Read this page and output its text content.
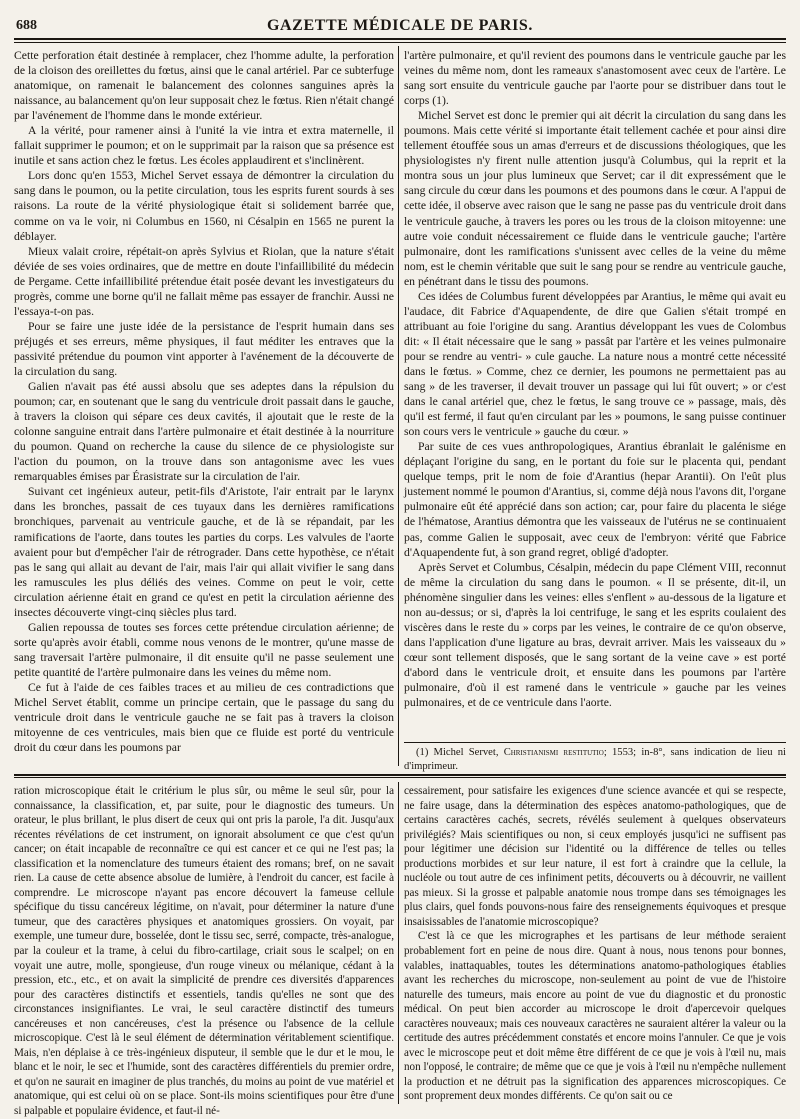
688	GAZETTE MÉDICALE DE PARIS.

Cette perforation était destinée à remplacer, chez l'homme adulte, la perforation de la cloison des oreillettes du fœtus, ainsi que le canal artériel. Par ce subterfuge anatomique, on ramenait le balancement des colonnes sanguines après la naissance, au balancement qu'on leur supposait chez le fœtus. Rien n'était changé par l'avénement de l'homme dans le monde extérieur.

A la vérité, pour ramener ainsi à l'unité la vie intra et extra maternelle, il fallait supprimer le poumon; et on le supprimait par la raison que sa présence est inutile et sans action chez le fœtus. Les écoles applaudirent et s'inclinèrent.

Lors donc qu'en 1553, Michel Servet essaya de démontrer la circulation du sang dans le poumon, ou la petite circulation, tous les esprits furent sourds à ses raisons. La route de la vérité physiologique était si solidement barrée que, comme on va le voir, ni Columbus en 1560, ni Césalpin en 1565 ne purent la déblayer.

Mieux valait croire, répétait-on après Sylvius et Riolan, que la nature s'était déviée de ses voies ordinaires, que de mettre en doute l'infaillibilité du médecin de Pergame. Cette infaillibilité prétendue était posée devant les investigateurs du progrès, comme une borne qu'il ne fallait même pas essayer de franchir. Aussi ne l'essaya-t-on pas.

Pour se faire une juste idée de la persistance de l'esprit humain dans ses préjugés et ses erreurs, même physiques, il faut méditer les entraves que la passivité prétendue du poumon vint apporter à l'avénement de la découverte de la circulation du sang.

Galien n'avait pas été aussi absolu que ses adeptes dans la répulsion du poumon; car, en soutenant que le sang du ventricule droit passait dans le gauche, à travers la cloison qui sépare ces deux cavités, il ajoutait que le reste de la colonne sanguine entrait dans l'artère pulmonaire et était destinée à la nourriture du poumon. Quand on recherche la cause du silence de ce physiologiste sur l'action du poumon, on la trouve dans son antagonisme avec les vues remarquables émises par Érasistrate sur la circulation de l'air.

Suivant cet ingénieux auteur, petit-fils d'Aristote, l'air entrait par le larynx dans les bronches, passait de ces tuyaux dans les dernières ramifications bronchiques, parvenait au ventricule gauche, et de là se répandait, par les ramifications de l'aorte, dans toutes les parties du corps. Les valvules de l'aorte avaient pour but d'empêcher l'air de rétrograder. Dans cette hypothèse, ce n'était pas le sang qui allait au devant de l'air, mais l'air qui allait vivifier le sang dans les ramuscules les plus déliés des veines. Comme on peut le voir, cette circulation aérienne était en grand ce qu'est en petit la circulation aérienne des insectes découverte vingt-cinq siècles plus tard.

Galien repoussa de toutes ses forces cette prétendue circulation aérienne; de sorte qu'après avoir établi, comme nous venons de le montrer, qu'une masse de sang traversait l'artère pulmonaire, il dit ensuite qu'il ne passe seulement une petite quantité de l'artère pulmonaire dans les veines du même nom.

Ce fut à l'aide de ces faibles traces et au milieu de ces contradictions que Michel Servet établit, comme un principe certain, que le passage du sang du ventricule droit dans le ventricule gauche ne se fait pas à travers la cloison mitoyenne de ces ventricules, mais bien que ce fluide est porté du ventricule droit du cœur dans les poumons par

l'artère pulmonaire, et qu'il revient des poumons dans le ventricule gauche par les veines du même nom, dont les rameaux s'anastomosent avec ceux de l'artère. Le sang sort ensuite du ventricule gauche par l'aorte pour se distribuer dans tout le corps (1).

Michel Servet est donc le premier qui ait décrit la circulation du sang dans les poumons. Mais cette vérité si importante était tellement cachée et pour ainsi dire tellement étouffée sous un amas d'erreurs et de discussions théologiques, que les physiologistes n'y firent nulle attention jusqu'à Columbus, qui la reprit et la montra sous un jour plus lumineux que Servet; car il dit expressément que le sang circule du cœur dans les poumons et des poumons dans le cœur. A l'appui de cette idée, il observe avec raison que le sang ne passe pas du ventricule droit dans le ventricule gauche, à travers les pores ou les trous de la cloison mitoyenne: une autre voie conduit nécessairement ce fluide dans le ventricule gauche; l'artère pulmonaire, dont les ramifications s'unissent avec celles de la veine du même nom, est le chemin véritable que suit le sang pour se rendre au ventricule gauche, en pénétrant dans le tissu des poumons.

Ces idées de Columbus furent développées par Arantius, le même qui avait eu l'audace, dit Fabrice d'Aquapendente, de dire que Galien s'était trompé en attribuant au foie l'origine du sang. Arantius développant les vues de Colombus dit: « Il était nécessaire que le sang » passât par l'artère et les veines pulmonaire pour se rendre au ventri- » cule gauche. La nature nous a montré cette nécessité dans le fœtus. » Comme, chez ce dernier, les poumons ne permettaient pas au sang » de les traverser, il devait trouver un passage qui lui fût ouvert; » or c'est dans le canal artériel que, chez le fœtus, le sang trouve ce » passage, mais, dès qu'il est fermé, il faut qu'en circulant par les » poumons, le sang puisse continuer son cours vers le ventricule » gauche du cœur. »

Par suite de ces vues anthropologiques, Arantius ébranlait le galénisme en déplaçant l'origine du sang, en le portant du foie sur le placenta qui, pendant quelque temps, prit le nom de foie d'Arantius (hepar Arantii). On l'eût plus justement nommé le poumon d'Arantius, si, comme déjà nous l'avons dit, l'organe pulmonaire eût été apprécié dans son action; car, pour faire du placenta le siége de l'hématose, Arantius démontra que les vaisseaux de l'utérus ne se continuaient pas, comme Galien le supposait, avec ceux de l'embryon: vérité que Fabrice d'Aquapendente fut, à son grand regret, obligé d'adopter.

Après Servet et Columbus, Césalpin, médecin du pape Clément VIII, reconnut de même la circulation du sang dans le poumon. « Il se présente, dit-il, un phénomène singulier dans les veines: elles s'enflent » au-dessous de la ligature et non au-dessus; or si, d'après la loi centrifuge, le sang et les esprits coulaient des viscères dans le reste du » corps par les veines, le contraire de ce qu'on observe, dans l'application d'une ligature au bras, devrait arriver. Mais les vaisseaux du » cœur sont tellement disposés, que le sang sortant de la veine cave » est porté d'abord dans le ventricule droit, et ensuite dans les poumons par l'artère pulmonaire, d'où il est ramené dans le ventricule » gauche par les veines pulmonaires, et de ce ventricule dans l'aorte.

(1) Michel Servet, Christianismi restitutio; 1553; in-8°, sans indication de lieu ni d'imprimeur.

ration microscopique était le critérium le plus sûr, ou même le seul sûr, pour la connaissance, la classification, et, par suite, pour le diagnostic des tumeurs. Un orateur, le plus brillant, le plus disert de ceux qui ont pris la parole, l'a dit. Jusqu'aux récentes révélations de cet instrument, on ignorait absolument ce que c'est qu'un cancer; on était incapable de reconnaître ce qui est cancer et ce qui ne l'est pas; la classification et la nomenclature des tumeurs étaient des romans; bref, on ne savait rien. La cause de cette absence absolue de lumière, à l'endroit du cancer, est facile à comprendre. Le microscope n'ayant pas encore découvert la fameuse cellule spécifique du tissu cancéreux légitime, on n'avait, pour déterminer la nature d'une tumeur, que des caractères physiques et anatomiques grossiers. On voyait, par exemple, une tumeur dure, bosselée, dont le tissu sec, serré, compacte, très-analogue, par la couleur et la trame, à celui du fibro-cartilage, criait sous le scalpel; on en voyait une autre, molle, spongieuse, d'un rouge vineux ou mélanique, cédant à la pression, etc., etc., et on avait la simplicité de prendre ces diversités d'apparences pour des caractères distinctifs et essentiels, tandis qu'elles ne sont que des circonstances insignifiantes. Le vrai, le seul caractère distinctif des tumeurs cancéreuses et non cancéreuses, c'est la présence ou l'absence de la cellule microscopique. C'est là le seul élément de détermination véritablement scientifique. Mais, n'en déplaise à ce très-ingénieux disputeur, il semble que le dur et le mou, le blanc et le noir, le sec et l'humide, sont des caractères différentiels du premier ordre, et qu'on ne saurait en imaginer de plus tranchés, du moins au point de vue matériel et anatomique, qui est celui où on se place. Sont-ils moins scientifiques pour être d'une si palpable et populaire évidence, et faut-il né-

cessairement, pour satisfaire les exigences d'une science avancée et qui se respecte, ne faire usage, dans la détermination des espèces anatomo-pathologiques, que de certains caractères cachés, secrets, révélés seulement à quelques observateurs privilégiés? Mais scientifiques ou non, si ceux employés jusqu'ici ne suffisent pas pour légitimer une décision sur l'identité ou la différence de telles ou telles productions morbides et sur leur nature, il est fort à craindre que la cellule, la nucléole ou tout autre de ces infiniment petits, découverts ou à découvrir, ne vaillent pas mieux. Si la grosse et palpable anatomie nous trompe dans ses témoignages les plus clairs, quel fonds pouvons-nous faire des renseignements équivoques et presque insaisissables de l'anatomie microscopique?

C'est là ce que les micrographes et les partisans de leur méthode seraient probablement fort en peine de nous dire. Quant à nous, nous tenons pour bonnes, valables, inattaquables, toutes les déterminations anatomo-pathologiques établies avant les recherches du microscope, non-seulement au point de vue de l'histoire naturelle des tumeurs, mais encore au point de vue du diagnostic et du pronostic médical. On peut bien accorder au microscope le droit d'apercevoir quelques caractères nouveaux; mais ces nouveaux caractères ne sauraient altérer la valeur ou la certitude des autres précédemment constatés et encore moins l'annuler. Ce que je vois avec le microscope peut et doit même être différent de ce que je vois à l'œil nu, mais non l'opposé, le contraire; de même que ce que je vois à l'œil nu n'empêche nullement la production et ne détruit pas la signification des apparences microscopiques. Ce sont proprement deux mondes différents. Ce qu'on sait ou ce
